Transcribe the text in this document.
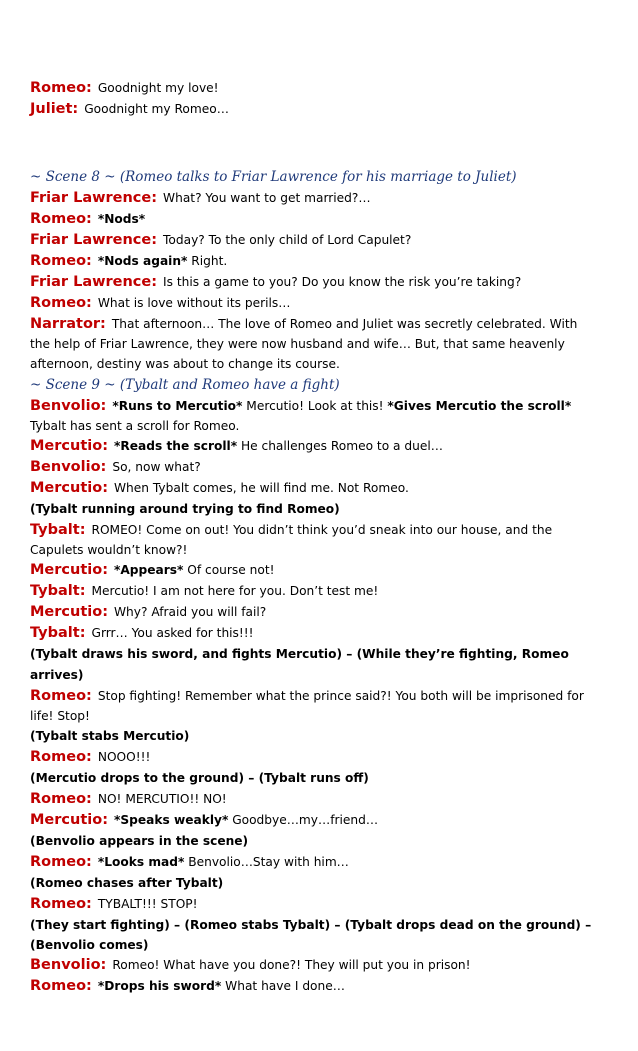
Romeo: Goodnight my love!

Juliet: Goodnight my Romeo…

~ Scene 8 ~ (Romeo talks to Friar Lawrence for his marriage to Juliet)

Friar Lawrence: What? You want to get married?…

Romeo: *Nods*

Friar Lawrence: Today? To the only child of Lord Capulet?

Romeo: *Nods again* Right.

Friar Lawrence: Is this a game to you? Do you know the risk you’re taking?

Romeo: What is love without its perils…

Narrator: That afternoon… The love of Romeo and Juliet was secretly celebrated. With the help of Friar Lawrence, they were now husband and wife… But, that same heavenly afternoon, destiny was about to change its course.

~ Scene 9 ~ (Tybalt and Romeo have a fight)

Benvolio: *Runs to Mercutio* Mercutio! Look at this! *Gives Mercutio the scroll* Tybalt has sent a scroll for Romeo.

Mercutio: *Reads the scroll* He challenges Romeo to a duel…

Benvolio: So, now what?

Mercutio: When Tybalt comes, he will find me. Not Romeo.

(Tybalt running around trying to find Romeo)

Tybalt: ROMEO! Come on out! You didn’t think you’d sneak into our house, and the Capulets wouldn’t know?!

Mercutio: *Appears* Of course not!

Tybalt: Mercutio! I am not here for you. Don’t test me!

Mercutio: Why? Afraid you will fail?

Tybalt: Grrr… You asked for this!!!

(Tybalt draws his sword, and fights Mercutio) – (While they’re fighting, Romeo arrives)

Romeo: Stop fighting! Remember what the prince said?! You both will be imprisoned for life! Stop!

(Tybalt stabs Mercutio)

Romeo: NOOO!!!

(Mercutio drops to the ground) – (Tybalt runs off)

Romeo: NO! MERCUTIO!! NO!

Mercutio: *Speaks weakly* Goodbye…my…friend…

(Benvolio appears in the scene)

Romeo: *Looks mad* Benvolio…Stay with him…

(Romeo chases after Tybalt)

Romeo: TYBALT!!! STOP!

(They start fighting) – (Romeo stabs Tybalt) – (Tybalt drops dead on the ground) – (Benvolio comes)

Benvolio: Romeo! What have you done?! They will put you in prison!

Romeo: *Drops his sword* What have I done…
